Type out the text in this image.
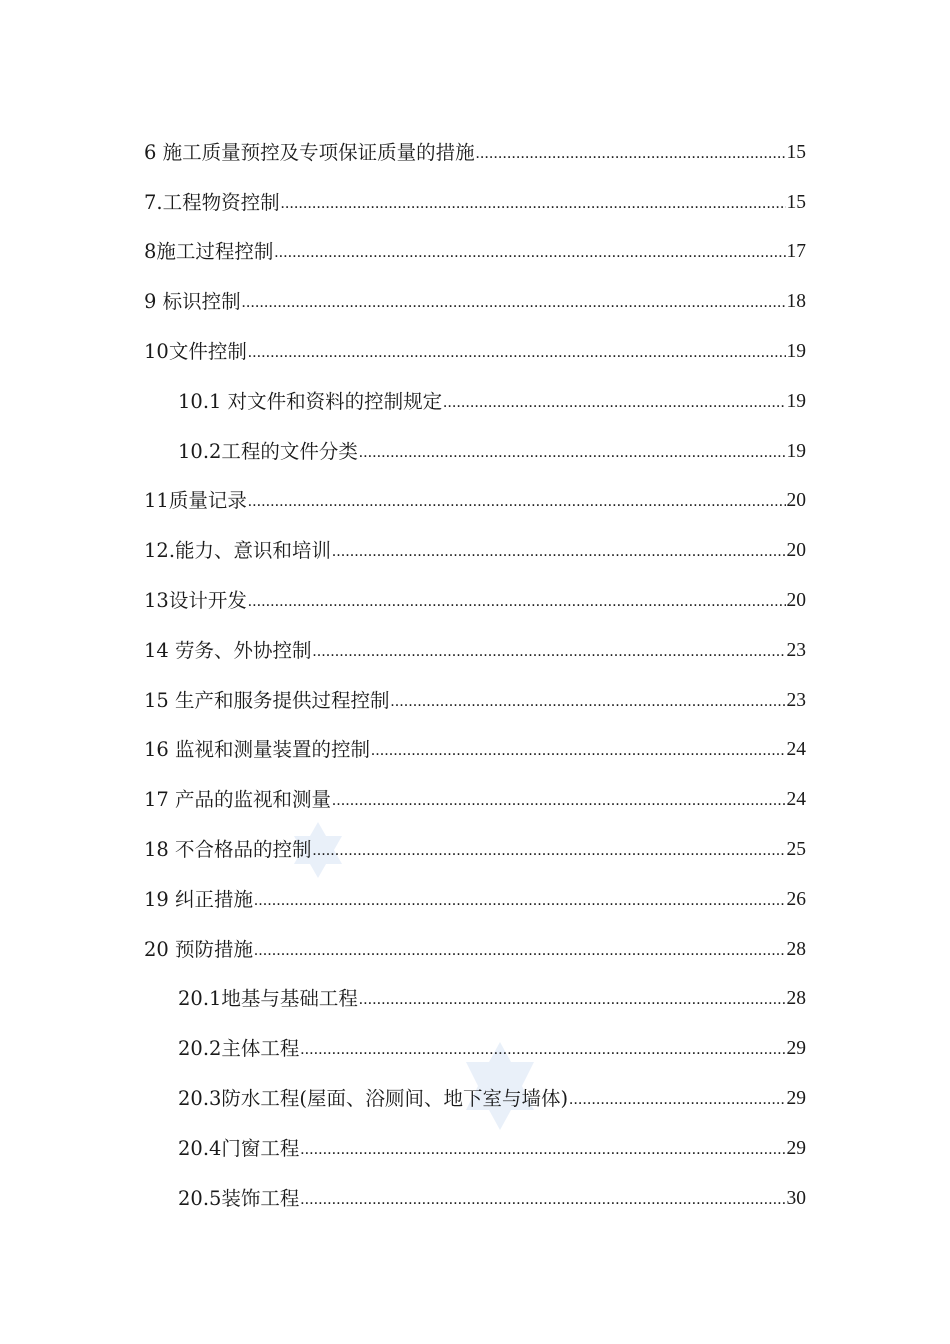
6 施工质量预控及专项保证质量的措施 .....	15
7.工程物资控制 .....	15
8施工过程控制 .....	17
9 标识控制 .....	18
10文件控制 .....	19
10.1 对文件和资料的控制规定 .....	19
10.2工程的文件分类 .....	19
11质量记录 .....	20
12.能力、意识和培训 .....	20
13设计开发 .....	20
14 劳务、外协控制 .....	23
15 生产和服务提供过程控制 .....	23
16 监视和测量装置的控制 .....	24
17 产品的监视和测量 .....	24
18 不合格品的控制 .....	25
19 纠正措施 .....	26
20 预防措施 .....	28
20.1地基与基础工程 .....	28
20.2主体工程 .....	29
20.3防水工程(屋面、浴厕间、地下室与墙体) .....	29
20.4门窗工程 .....	29
20.5装饰工程 .....	30
